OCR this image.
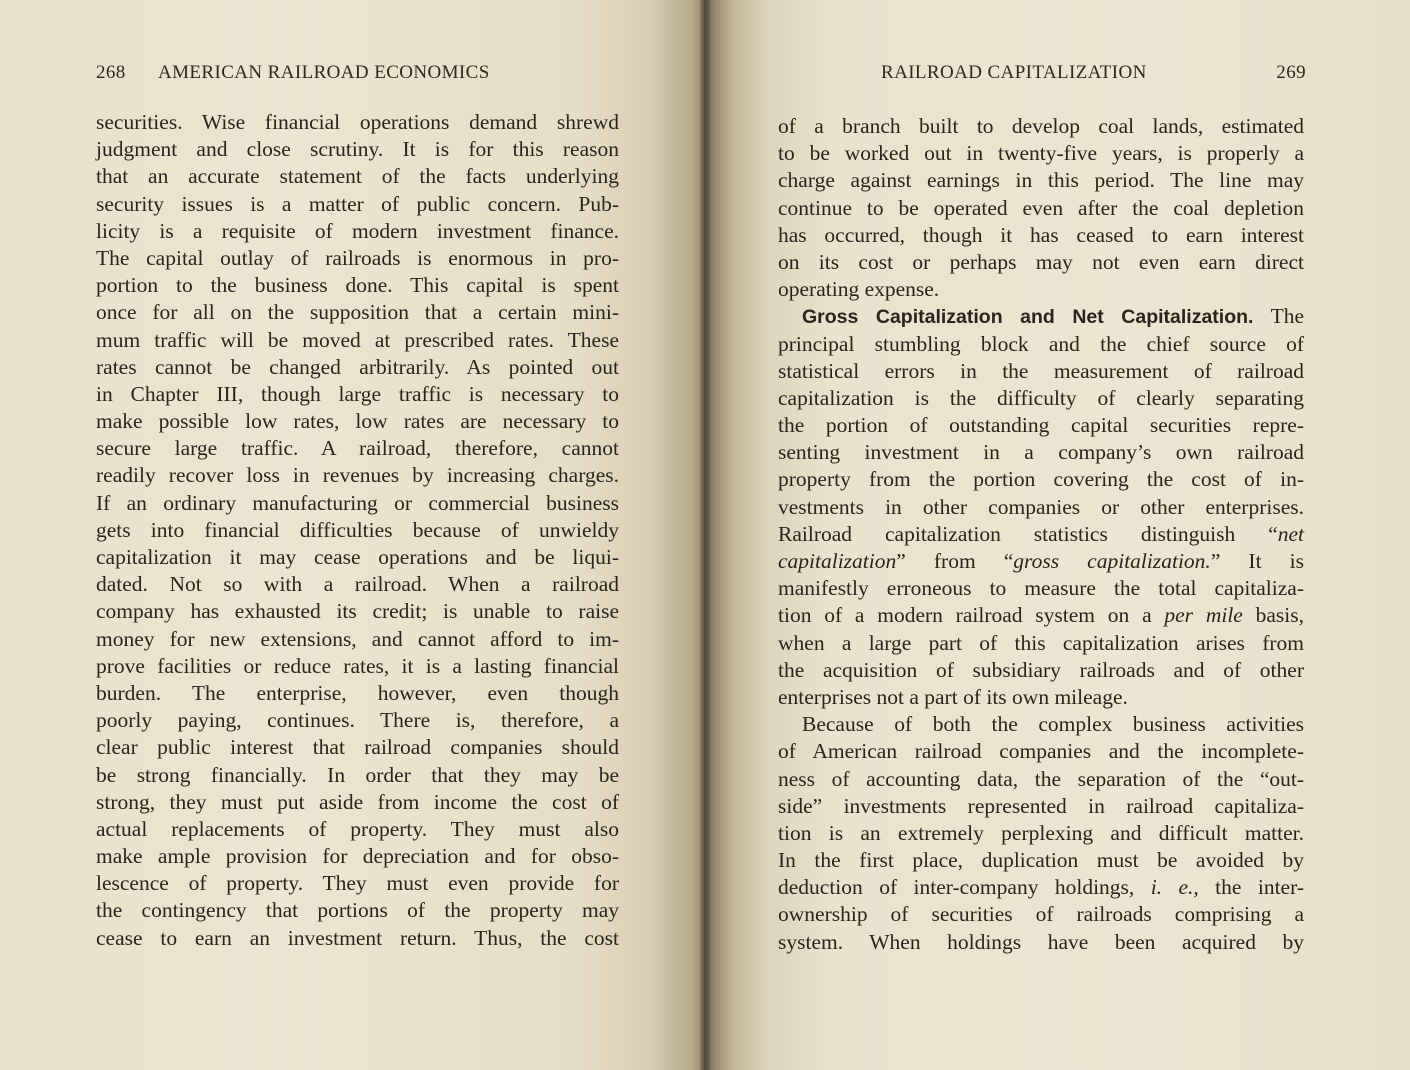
268 AMERICAN RAILROAD ECONOMICS
securities. Wise financial operations demand shrewd
judgment and close scrutiny. It is for this reason
that an accurate statement of the facts underlying
security issues is a matter of public concern. Pub-
licity is a requisite of modern investment finance.
The capital outlay of railroads is enormous in pro-
portion to the business done. This capital is spent
once for all on the supposition that a certain mini-
mum traffic will be moved at prescribed rates. These
rates cannot be changed arbitrarily. As pointed out
in Chapter III, though large traffic is necessary to
make possible low rates, low rates are necessary to
secure large traffic. A railroad, therefore, cannot
readily recover loss in revenues by increasing charges.
If an ordinary manufacturing or commercial business
gets into financial difficulties because of unwieldy
capitalization it may cease operations and be liqui-
dated. Not so with a railroad. When a railroad
company has exhausted its credit; is unable to raise
money for new extensions, and cannot afford to im-
prove facilities or reduce rates, it is a lasting financial
burden. The enterprise, however, even though
poorly paying, continues. There is, therefore, a
clear public interest that railroad companies should
be strong financially. In order that they may be
strong, they must put aside from income the cost of
actual replacements of property. They must also
make ample provision for depreciation and for obso-
lescence of property. They must even provide for
the contingency that portions of the property may
cease to earn an investment return. Thus, the cost
RAILROAD CAPITALIZATION	269
of a branch built to develop coal lands, estimated
to be worked out in twenty-five years, is properly a
charge against earnings in this period. The line may
continue to be operated even after the coal depletion
has occurred, though it has ceased to earn interest
on its cost or perhaps may not even earn direct
operating expense.
Gross Capitalization and Net Capitalization. The
principal stumbling block and the chief source of
statistical errors in the measurement of railroad
capitalization is the difficulty of clearly separating
the portion of outstanding capital securities repre-
senting investment in a company’s own railroad
property from the portion covering the cost of in-
vestments in other companies or other enterprises.
Railroad capitalization statistics distinguish “net
capitalization” from “gross capitalization.” It is
manifestly erroneous to measure the total capitaliza-
tion of a modern railroad system on a per mile basis,
when a large part of this capitalization arises from
the acquisition of subsidiary railroads and of other
enterprises not a part of its own mileage.
Because of both the complex business activities
of American railroad companies and the incomplete-
ness of accounting data, the separation of the “out-
side” investments represented in railroad capitaliza-
tion is an extremely perplexing and difficult matter.
In the first place, duplication must be avoided by
deduction of inter-company holdings, i. e., the inter-
ownership of securities of railroads comprising a
system. When holdings have been acquired by
